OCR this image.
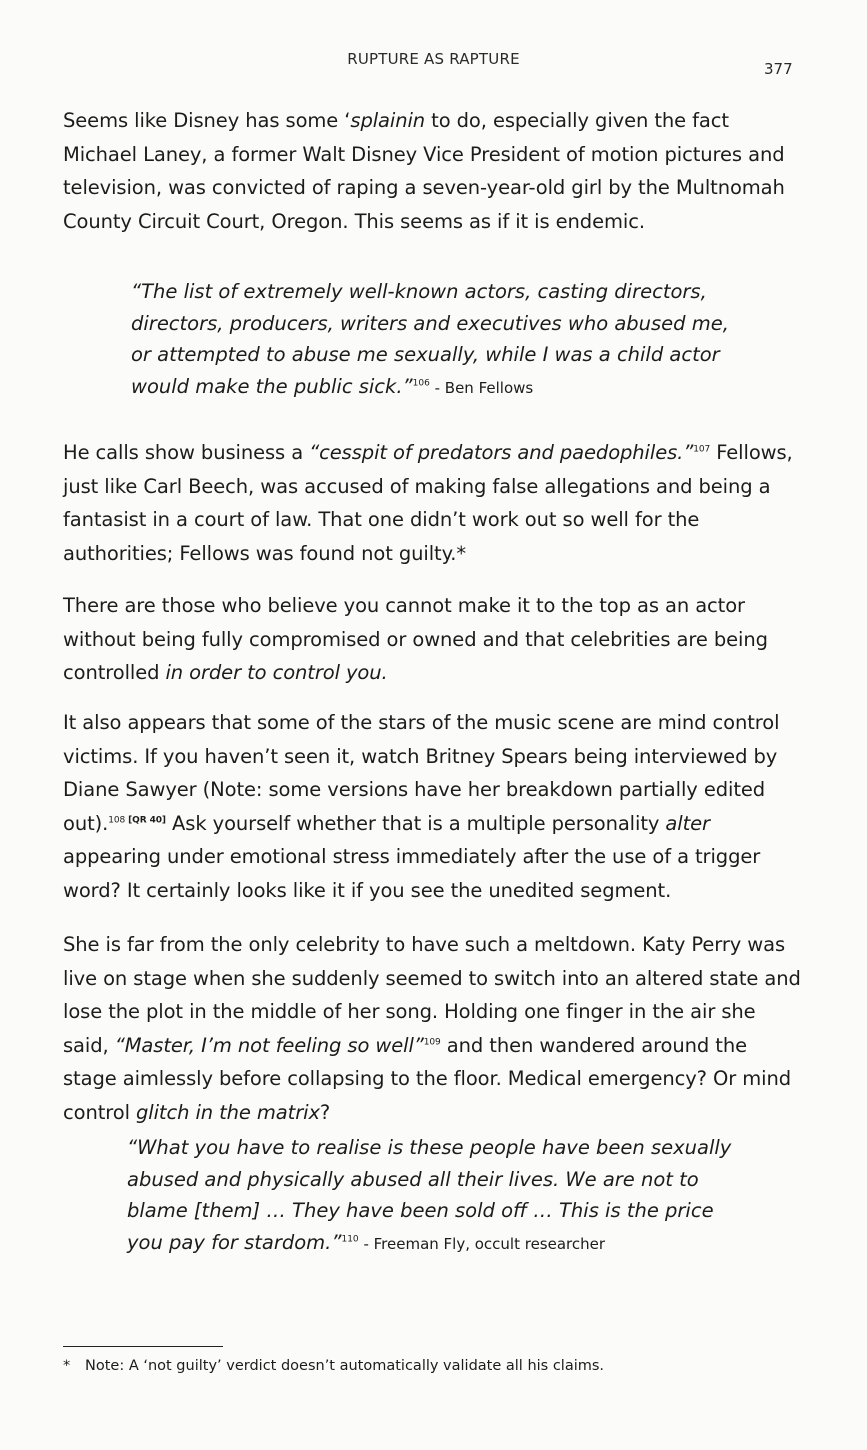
RUPTURE AS RAPTURE
377

Seems like Disney has some ‘splainin to do, especially given the fact Michael Laney, a former Walt Disney Vice President of motion pictures and television, was convicted of raping a seven-year-old girl by the Multnomah County Circuit Court, Oregon. This seems as if it is endemic.

“The list of extremely well-known actors, casting directors, directors, producers, writers and executives who abused me, or attempted to abuse me sexually, while I was a child actor would make the public sick.”$^{106}$ - Ben Fellows

He calls show business a “cesspit of predators and paedophiles.”$^{107}$ Fellows, just like Carl Beech, was accused of making false allegations and being a fantasist in a court of law. That one didn’t work out so well for the authorities; Fellows was found not guilty.*

There are those who believe you cannot make it to the top as an actor without being fully compromised or owned and that celebrities are being controlled in order to control you.

It also appears that some of the stars of the music scene are mind control victims. If you haven’t seen it, watch Britney Spears being interviewed by Diane Sawyer (Note: some versions have her breakdown partially edited out).$^{108}$ [QR 40] Ask yourself whether that is a multiple personality alter appearing under emotional stress immediately after the use of a trigger word? It certainly looks like it if you see the unedited segment.

She is far from the only celebrity to have such a meltdown. Katy Perry was live on stage when she suddenly seemed to switch into an altered state and lose the plot in the middle of her song. Holding one finger in the air she said, “Master, I’m not feeling so well”$^{109}$ and then wandered around the stage aimlessly before collapsing to the floor. Medical emergency? Or mind control glitch in the matrix?

“What you have to realise is these people have been sexually abused and physically abused all their lives. We are not to blame [them] … They have been sold off … This is the price you pay for stardom.”$^{110}$ - Freeman Fly, occult researcher

* Note: A ‘not guilty’ verdict doesn’t automatically validate all his claims.
